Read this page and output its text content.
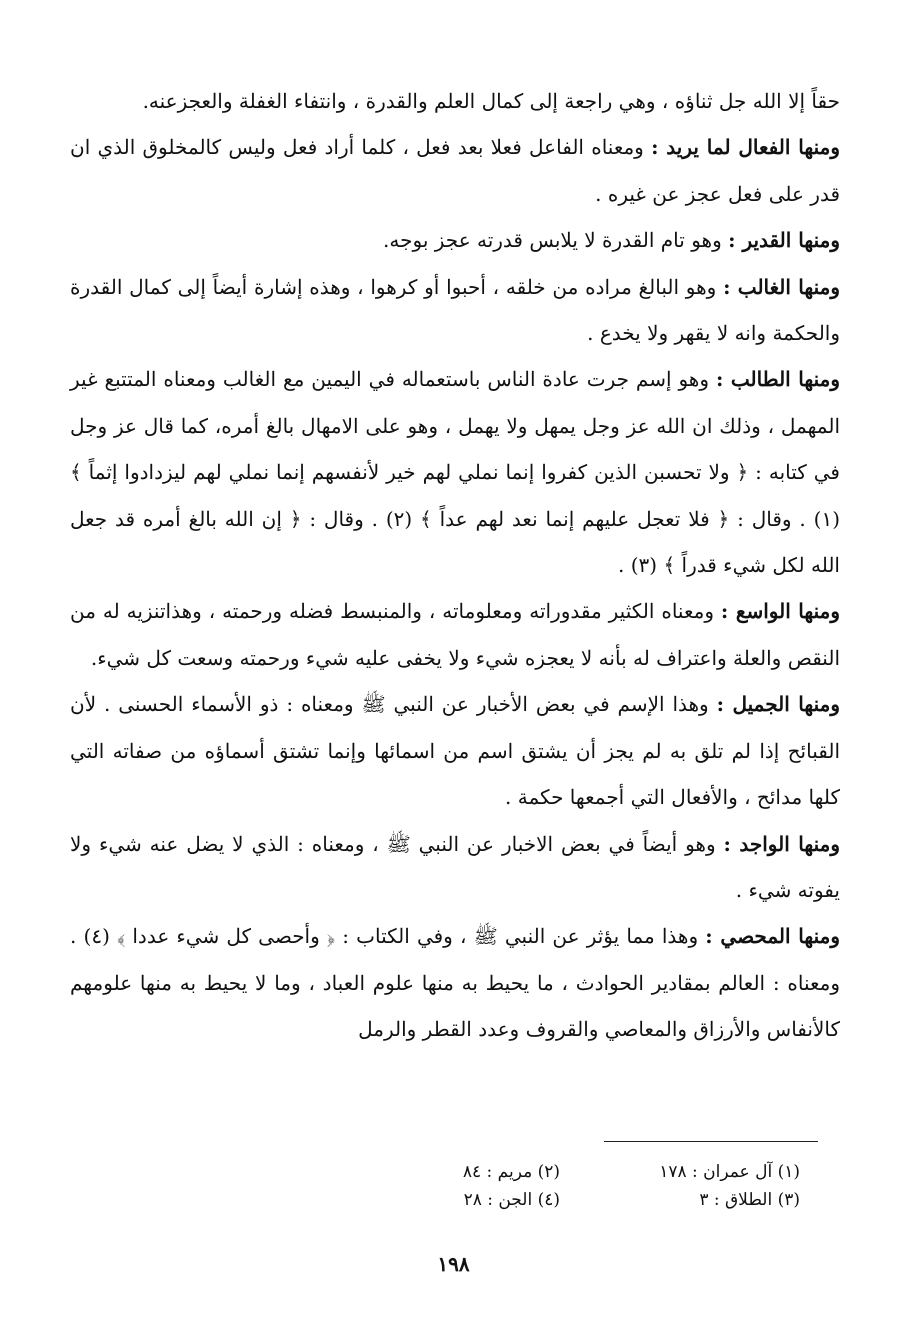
حقاً إلا الله جل ثناؤه ، وهي راجعة إلى كمال العلم والقدرة ، وانتفاء الغفلة والعجزعنه.

ومنها الفعال لما يريد : ومعناه الفاعل فعلا بعد فعل ، كلما أراد فعل وليس كالمخلوق الذي ان قدر على فعل عجز عن غيره .

ومنها القدير : وهو تام القدرة لا يلابس قدرته عجز بوجه.

ومنها الغالب : وهو البالغ مراده من خلقه ، أحبوا أو كرهوا ، وهذه إشارة أيضاً إلى كمال القدرة والحكمة وانه لا يقهر ولا يخدع .

ومنها الطالب : وهو إسم جرت عادة الناس باستعماله في اليمين مع الغالب ومعناه المتتبع غير المهمل ، وذلك ان الله عز وجل يمهل ولا يهمل ، وهو على الامهال بالغ أمره، كما قال عز وجل في كتابه : ﴿ ولا تحسبن الذين كفروا إنما نملي لهم خير لأنفسهم إنما نملي لهم ليزدادوا إثماً ﴾ (١) . وقال : ﴿ فلا تعجل عليهم إنما نعد لهم عداً ﴾ (٢) . وقال : ﴿ إن الله بالغ أمره قد جعل الله لكل شيء قدراً ﴾ (٣) .

ومنها الواسع : ومعناه الكثير مقدوراته ومعلوماته ، والمنبسط فضله ورحمته ، وهذاتنزيه له من النقص والعلة واعتراف له بأنه لا يعجزه شيء ولا يخفى عليه شيء ورحمته وسعت كل شيء.

ومنها الجميل : وهذا الإسم في بعض الأخبار عن النبي ﷺ ومعناه : ذو الأسماء الحسنى . لأن القبائح إذا لم تلق به لم يجز أن يشتق اسم من اسمائها وإنما تشتق أسماؤه من صفاته التي كلها مدائح ، والأفعال التي أجمعها حكمة .

ومنها الواجد : وهو أيضاً في بعض الاخبار عن النبي ﷺ ، ومعناه : الذي لا يضل عنه شيء ولا يفوته شيء .

ومنها المحصي : وهذا مما يؤثر عن النبي ﷺ ، وفي الكتاب : ﴿ وأحصى كل شيء عددا ﴾ (٤) . ومعناه : العالم بمقادير الحوادث ، ما يحيط به منها علوم العباد ، وما لا يحيط به منها علومهم كالأنفاس والأرزاق والمعاصي والقروف وعدد القطر والرمل

(١) آل عمران : ١٧٨
(٣) الطلاق : ٣
(٢) مريم : ٨٤
(٤) الجن : ٢٨
١٩٨
